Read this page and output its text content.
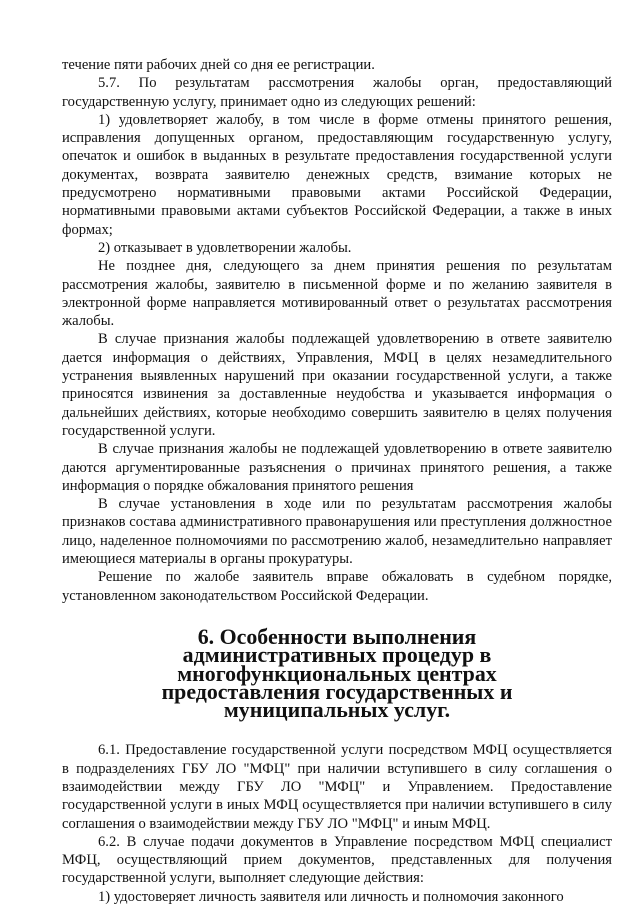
течение пяти рабочих дней со дня ее регистрации.

5.7. По результатам рассмотрения жалобы орган, предоставляющий государственную услугу, принимает одно из следующих решений:

1) удовлетворяет жалобу, в том числе в форме отмены принятого решения, исправления допущенных органом, предоставляющим государственную услугу, опечаток и ошибок в выданных в результате предоставления государственной услуги документах, возврата заявителю денежных средств, взимание которых не предусмотрено нормативными правовыми актами Российской Федерации, нормативными правовыми актами субъектов Российской Федерации, а также в иных формах;

2) отказывает в удовлетворении жалобы.

Не позднее дня, следующего за днем принятия решения по результатам рассмотрения жалобы, заявителю в письменной форме и по желанию заявителя в электронной форме направляется мотивированный ответ о результатах рассмотрения жалобы.

В случае признания жалобы подлежащей удовлетворению в ответе заявителю дается информация о действиях, Управления, МФЦ в целях незамедлительного устранения выявленных нарушений при оказании государственной услуги, а также приносятся извинения за доставленные неудобства и указывается информация о дальнейших действиях, которые необходимо совершить заявителю в целях получения государственной услуги.

В случае признания жалобы не подлежащей удовлетворению в ответе заявителю даются аргументированные разъяснения о причинах принятого решения, а также информация о порядке обжалования принятого решения

В случае установления в ходе или по результатам рассмотрения жалобы признаков состава административного правонарушения или преступления должностное лицо, наделенное полномочиями по рассмотрению жалоб, незамедлительно направляет имеющиеся материалы в органы прокуратуры.

Решение по жалобе заявитель вправе обжаловать в судебном порядке, установленном законодательством Российской Федерации.

6. Особенности выполнения административных процедур в многофункциональных центрах предоставления государственных и муниципальных услуг.

6.1. Предоставление государственной услуги посредством МФЦ осуществляется в подразделениях ГБУ ЛО "МФЦ" при наличии вступившего в силу соглашения о взаимодействии между ГБУ ЛО "МФЦ" и Управлением. Предоставление государственной услуги в иных МФЦ осуществляется при наличии вступившего в силу соглашения о взаимодействии между ГБУ ЛО "МФЦ" и иным МФЦ.

6.2. В случае подачи документов в Управление посредством МФЦ специалист МФЦ, осуществляющий прием документов, представленных для получения государственной услуги, выполняет следующие действия:

1) удостоверяет личность заявителя или личность и полномочия законного
